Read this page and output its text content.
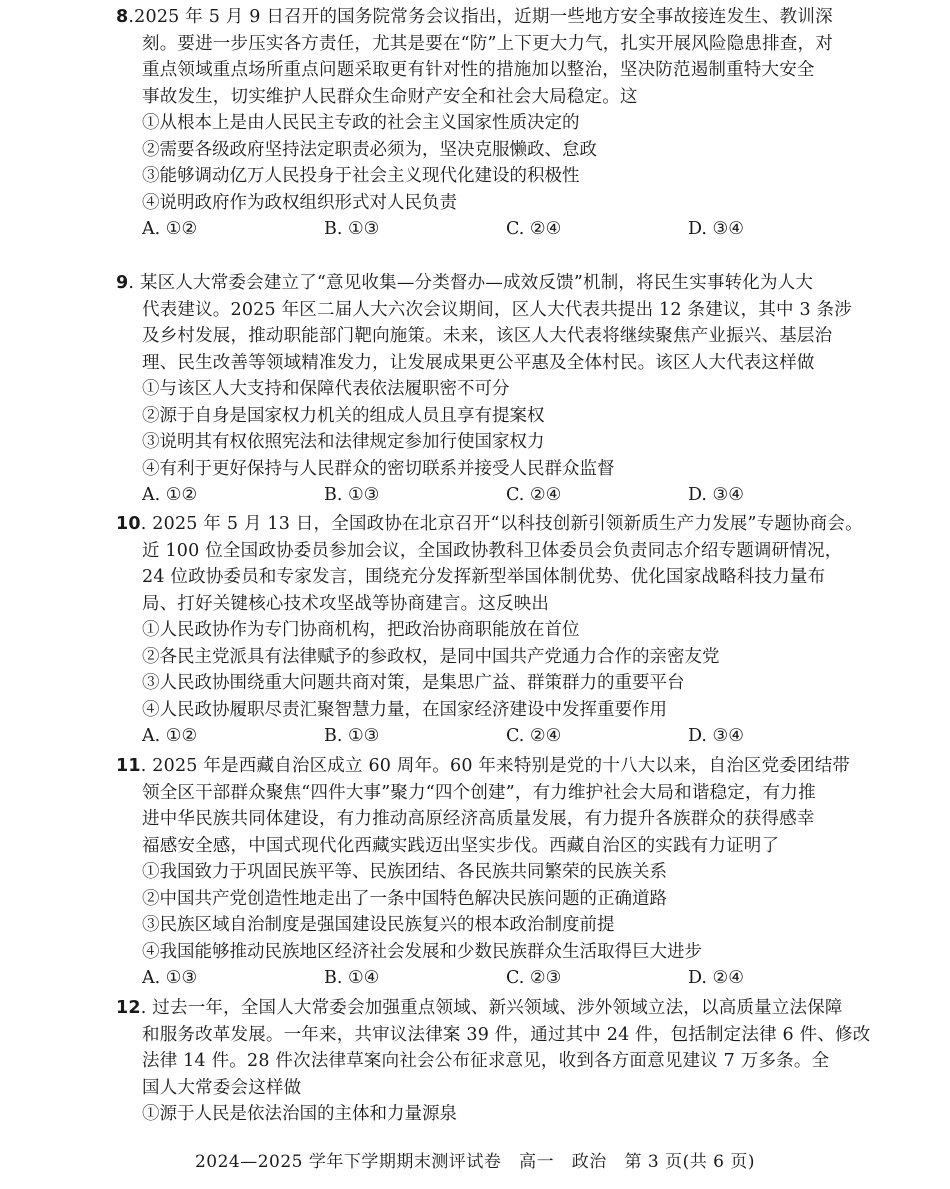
8.2025 年 5 月 9 日召开的国务院常务会议指出，近期一些地方安全事故接连发生、教训深
刻。要进一步压实各方责任，尤其是要在“防”上下更大力气，扎实开展风险隐患排查，对
重点领域重点场所重点问题采取更有针对性的措施加以整治，坚决防范遏制重特大安全
事故发生，切实维护人民群众生命财产安全和社会大局稳定。这
①从根本上是由人民民主专政的社会主义国家性质决定的
②需要各级政府坚持法定职责必须为，坚决克服懒政、怠政
③能够调动亿万人民投身于社会主义现代化建设的积极性
④说明政府作为政权组织形式对人民负责
A. ①②	B. ①③	C. ②④	D. ③④
9. 某区人大常委会建立了“意见收集—分类督办—成效反馈”机制，将民生实事转化为人大
代表建议。2025 年区二届人大六次会议期间，区人大代表共提出 12 条建议，其中 3 条涉
及乡村发展，推动职能部门靶向施策。未来，该区人大代表将继续聚焦产业振兴、基层治
理、民生改善等领域精准发力，让发展成果更公平惠及全体村民。该区人大代表这样做
①与该区人大支持和保障代表依法履职密不可分
②源于自身是国家权力机关的组成人员且享有提案权
③说明其有权依照宪法和法律规定参加行使国家权力
④有利于更好保持与人民群众的密切联系并接受人民群众监督
A. ①②	B. ①③	C. ②④	D. ③④
10. 2025 年 5 月 13 日，全国政协在北京召开“以科技创新引领新质生产力发展”专题协商会。
近 100 位全国政协委员参加会议，全国政协教科卫体委员会负责同志介绍专题调研情况，
24 位政协委员和专家发言，围绕充分发挥新型举国体制优势、优化国家战略科技力量布
局、打好关键核心技术攻坚战等协商建言。这反映出
①人民政协作为专门协商机构，把政治协商职能放在首位
②各民主党派具有法律赋予的参政权，是同中国共产党通力合作的亲密友党
③人民政协围绕重大问题共商对策，是集思广益、群策群力的重要平台
④人民政协履职尽责汇聚智慧力量，在国家经济建设中发挥重要作用
A. ①②	B. ①③	C. ②④	D. ③④
11. 2025 年是西藏自治区成立 60 周年。60 年来特别是党的十八大以来，自治区党委团结带
领全区干部群众聚焦“四件大事”聚力“四个创建”，有力维护社会大局和谐稳定，有力推
进中华民族共同体建设，有力推动高原经济高质量发展，有力提升各族群众的获得感幸
福感安全感，中国式现代化西藏实践迈出坚实步伐。西藏自治区的实践有力证明了
①我国致力于巩固民族平等、民族团结、各民族共同繁荣的民族关系
②中国共产党创造性地走出了一条中国特色解决民族问题的正确道路
③民族区域自治制度是强国建设民族复兴的根本政治制度前提
④我国能够推动民族地区经济社会发展和少数民族群众生活取得巨大进步
A. ①③	B. ①④	C. ②③	D. ②④
12. 过去一年，全国人大常委会加强重点领域、新兴领域、涉外领域立法，以高质量立法保障
和服务改革发展。一年来，共审议法律案 39 件，通过其中 24 件，包括制定法律 6 件、修改
法律 14 件。28 件次法律草案向社会公布征求意见，收到各方面意见建议 7 万多条。全
国人大常委会这样做
①源于人民是依法治国的主体和力量源泉
2024—2025 学年下学期期末测评试卷   高一   政治   第 3 页(共 6 页)
